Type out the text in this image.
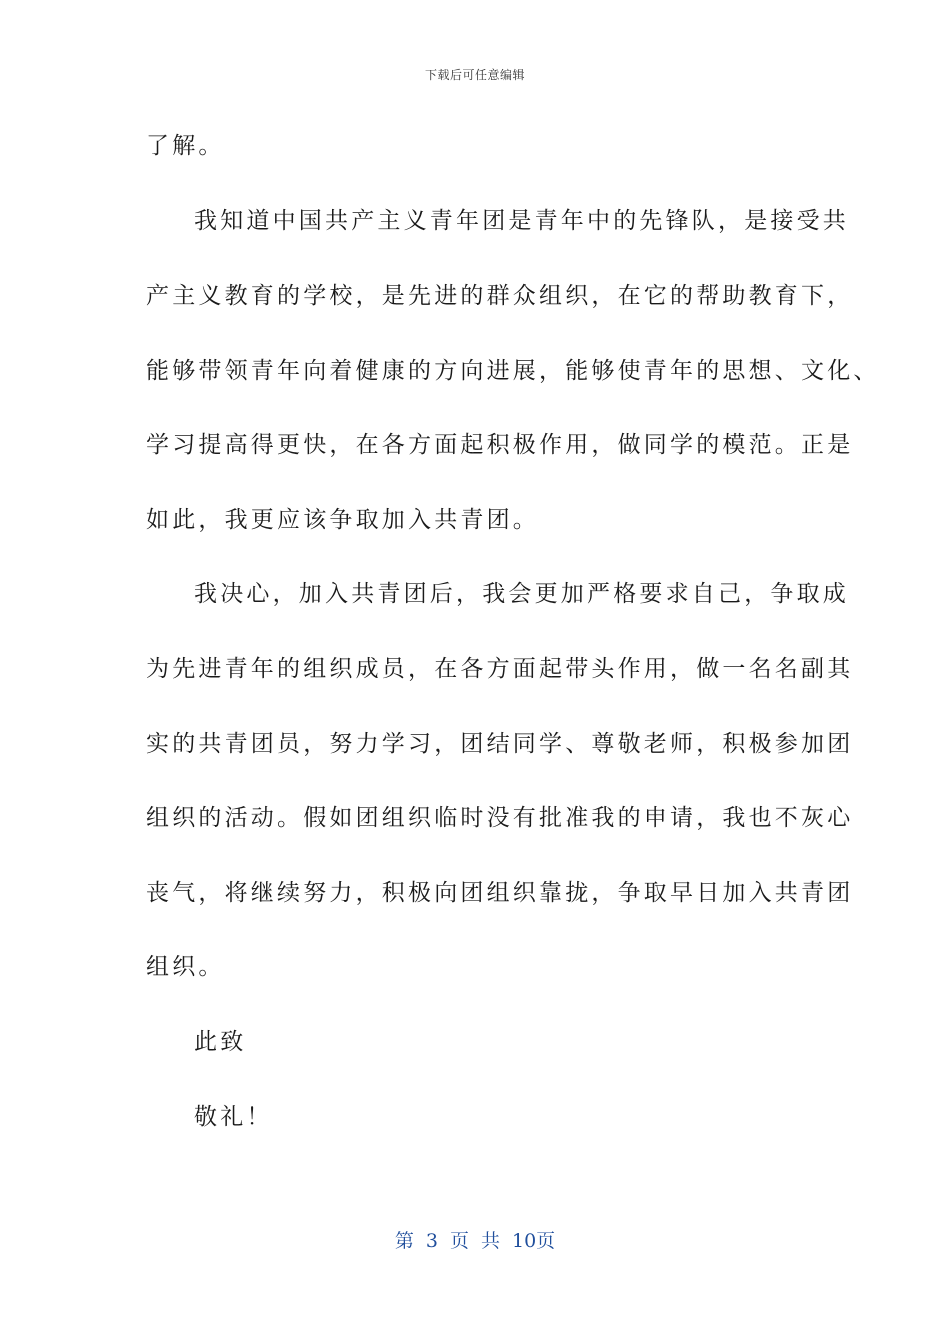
下载后可任意编辑
了解。
我知道中国共产主义青年团是青年中的先锋队，是接受共
产主义教育的学校，是先进的群众组织，在它的帮助教育下，
能够带领青年向着健康的方向进展，能够使青年的思想、文化、
学习提高得更快，在各方面起积极作用，做同学的模范。正是
如此，我更应该争取加入共青团。
我决心，加入共青团后，我会更加严格要求自己，争取成
为先进青年的组织成员，在各方面起带头作用，做一名名副其
实的共青团员，努力学习，团结同学、尊敬老师，积极参加团
组织的活动。假如团组织临时没有批准我的申请，我也不灰心
丧气，将继续努力，积极向团组织靠拢，争取早日加入共青团
组织。
此致
敬礼！
第 3 页 共 10页
